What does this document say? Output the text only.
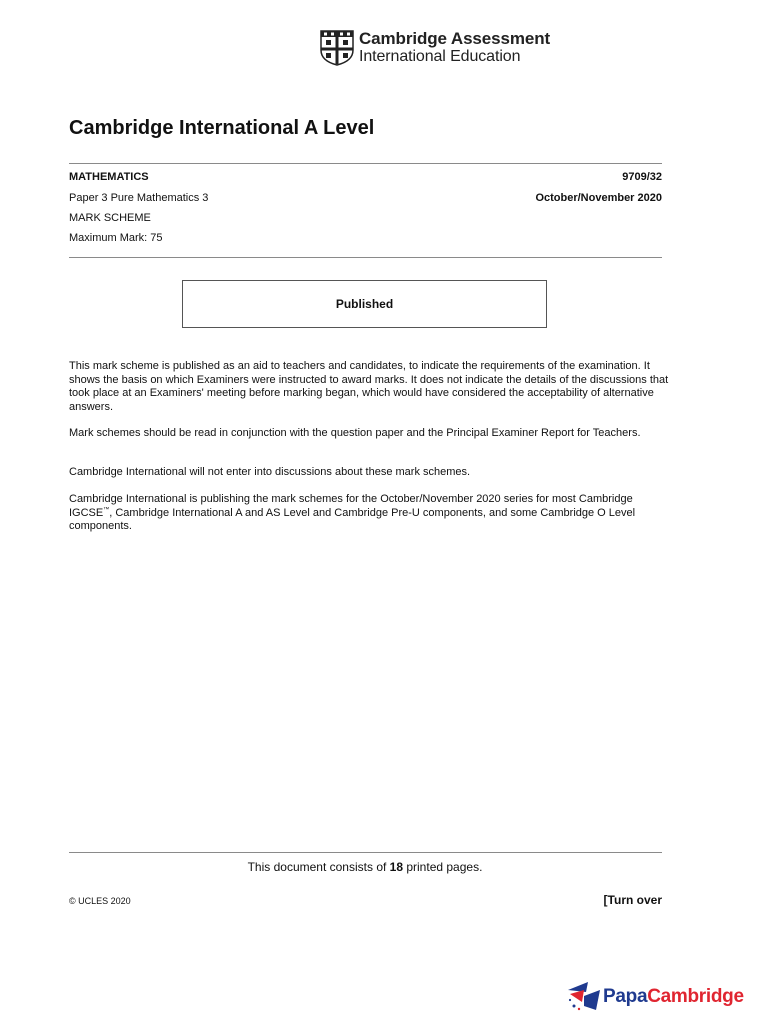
Cambridge Assessment
International Education
Cambridge International A Level
MATHEMATICS	9709/32
Paper 3 Pure Mathematics 3	October/November 2020
MARK SCHEME
Maximum Mark: 75
Published
This mark scheme is published as an aid to teachers and candidates, to indicate the requirements of the examination. It shows the basis on which Examiners were instructed to award marks. It does not indicate the details of the discussions that took place at an Examiners' meeting before marking began, which would have considered the acceptability of alternative answers.
Mark schemes should be read in conjunction with the question paper and the Principal Examiner Report for Teachers.
Cambridge International will not enter into discussions about these mark schemes.
Cambridge International is publishing the mark schemes for the October/November 2020 series for most Cambridge IGCSE™, Cambridge International A and AS Level and Cambridge Pre-U components, and some Cambridge O Level components.
This document consists of 18 printed pages.
© UCLES 2020	[Turn over
PapaCambridge
